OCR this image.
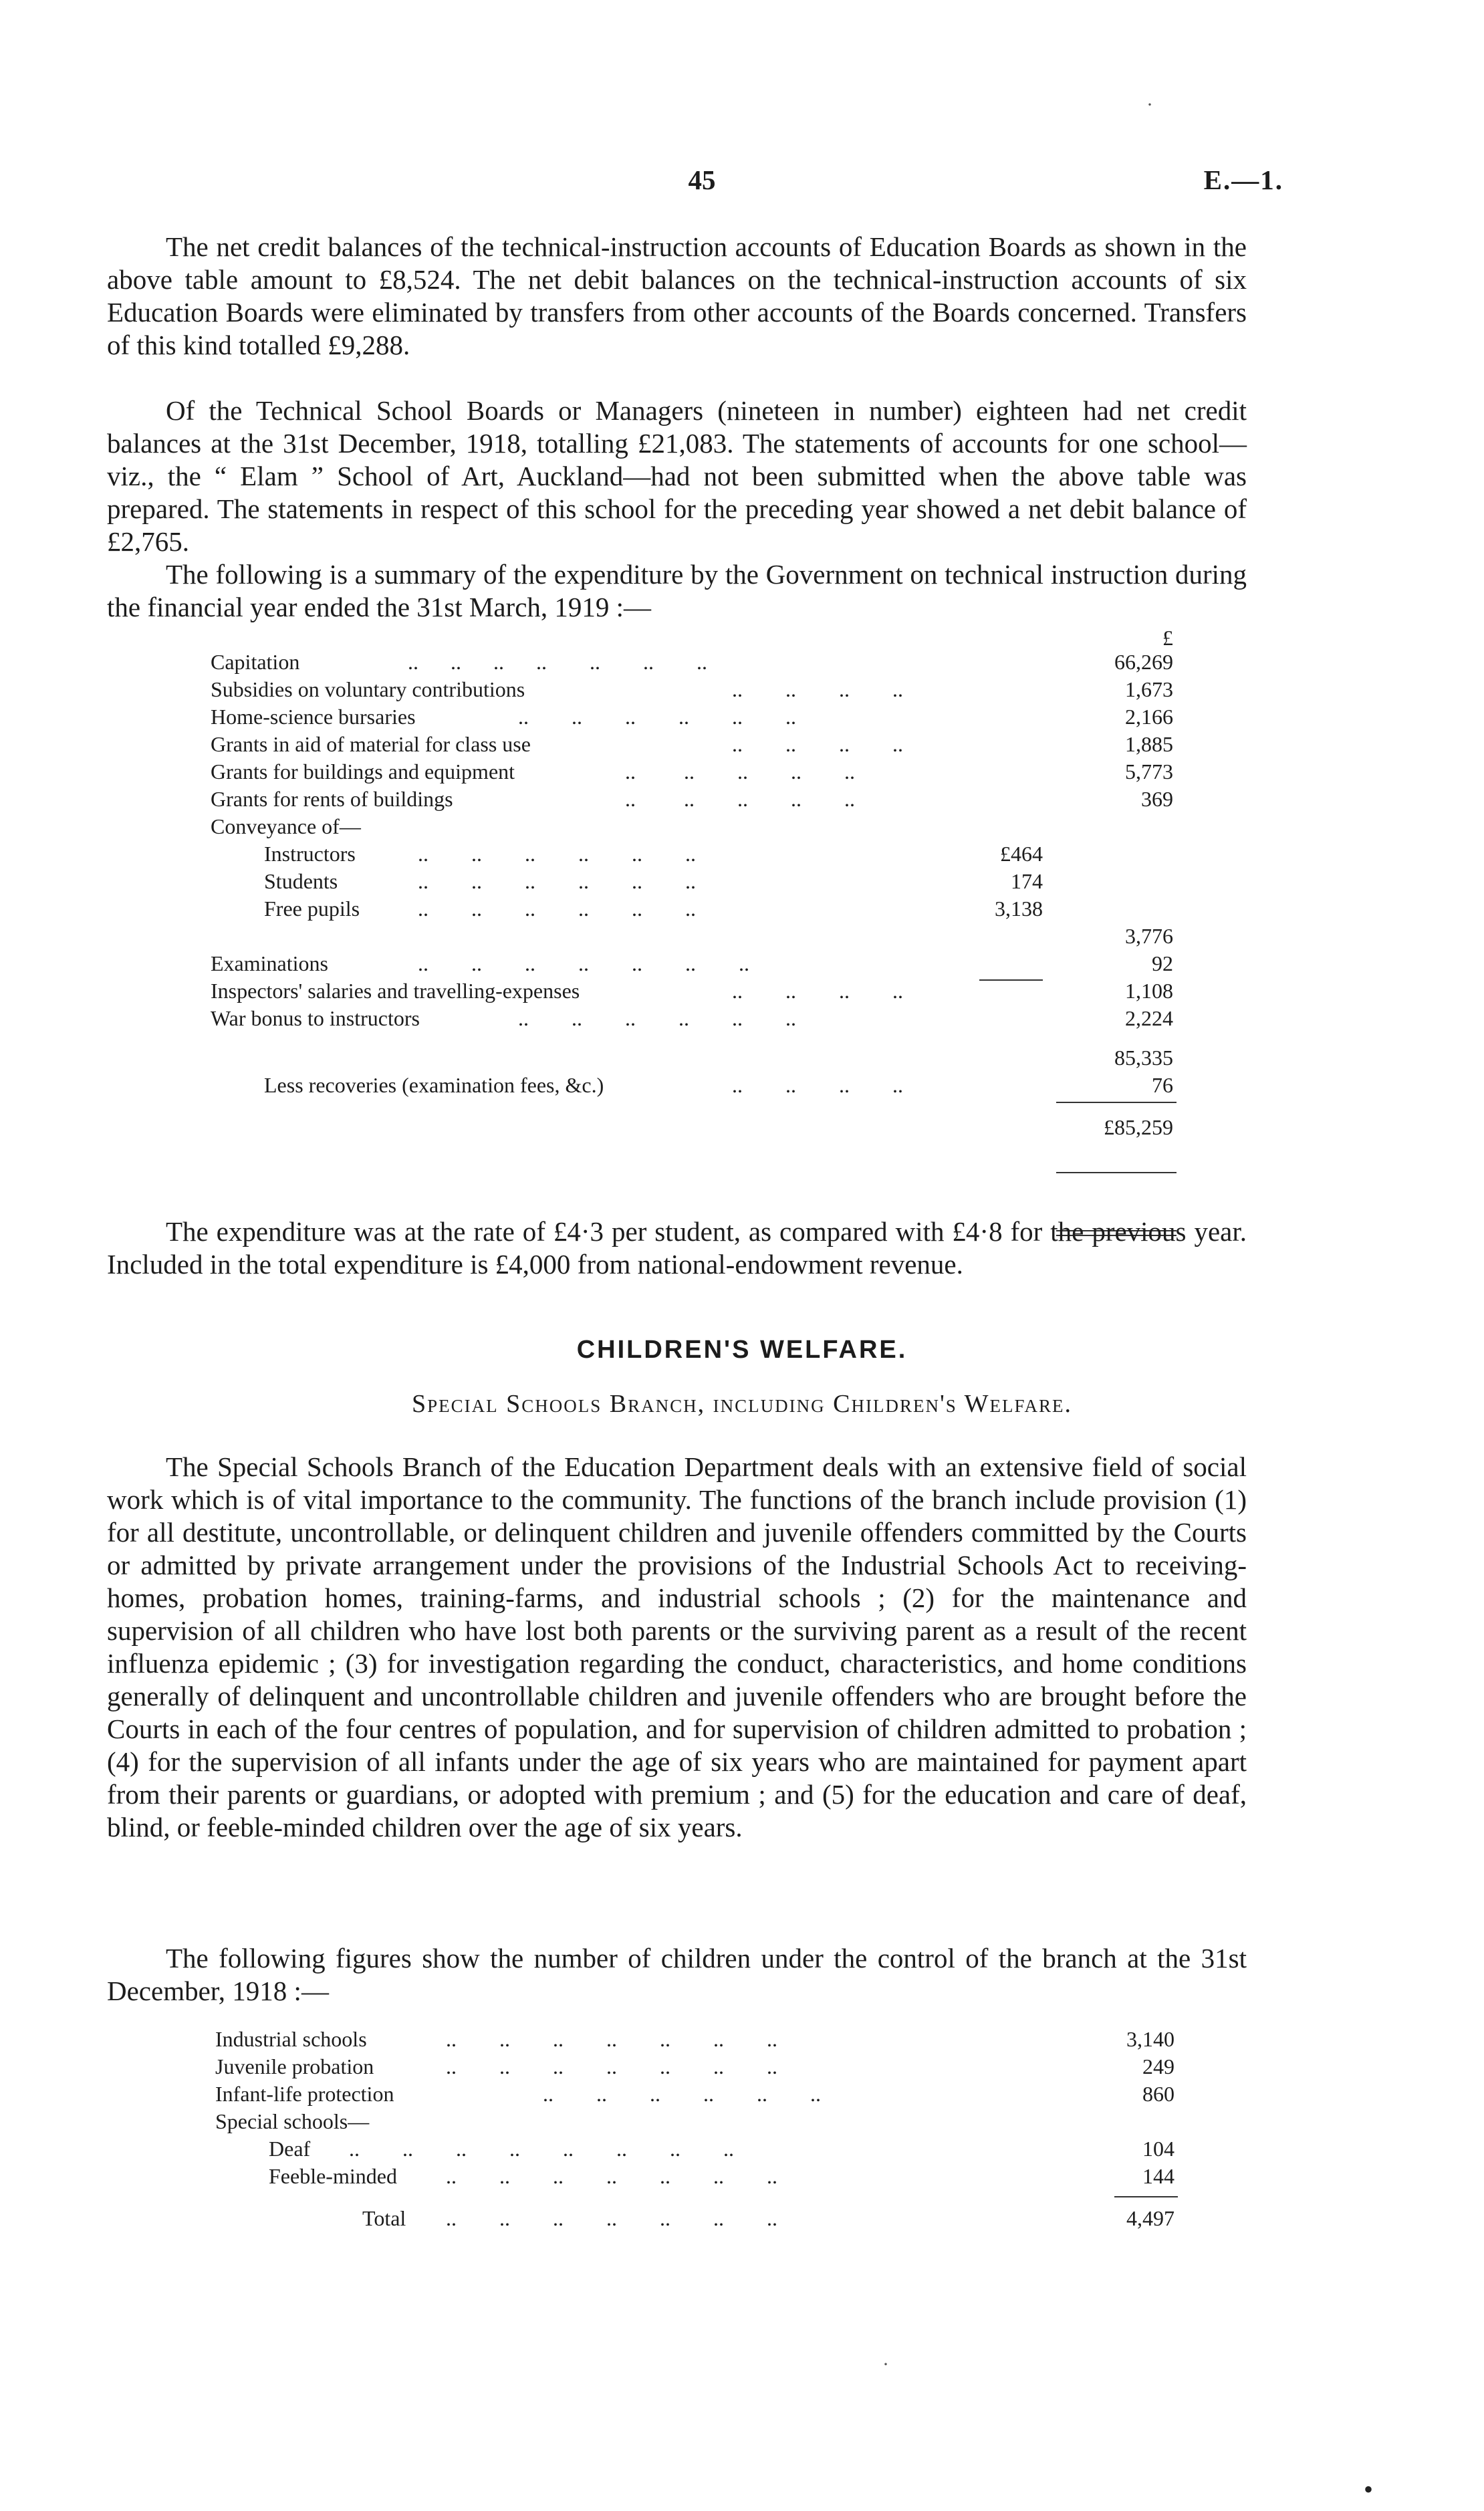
45	E.—1.
·

The net credit balances of the technical-instruction accounts of Education Boards as shown in the above table amount to £8,524. The net debit balances on the technical-instruction accounts of six Education Boards were eliminated by transfers from other accounts of the Boards concerned. Transfers of this kind totalled £9,288.

Of the Technical School Boards or Managers (nineteen in number) eighteen had net credit balances at the 31st December, 1918, totalling £21,083. The statements of accounts for one school—viz., the “ Elam ” School of Art, Auckland—had not been submitted when the above table was prepared. The statements in respect of this school for the preceding year showed a net debit balance of £2,765.

The following is a summary of the expenditure by the Government on technical instruction during the financial year ended the 31st March, 1919 :—

£
Capitation	..      ..      ..      ..        ..        ..        ..	66,269
Subsidies on voluntary contributions	..        ..        ..        ..	1,673
Home-science bursaries	..        ..        ..        ..        ..        ..	2,166
Grants in aid of material for class use	..        ..        ..        ..	1,885
Grants for buildings and equipment	..         ..        ..        ..        ..	5,773
Grants for rents of buildings	..         ..        ..        ..        ..	369
Conveyance of—
Instructors	..        ..        ..        ..        ..        ..	£464
Students	..        ..        ..        ..        ..        ..	174
Free pupils	..        ..        ..        ..        ..        ..	3,138
3,776
Examinations	..        ..        ..        ..        ..        ..        ..	92
Inspectors' salaries and travelling-expenses	..        ..        ..        ..	1,108
War bonus to instructors	..        ..        ..        ..        ..        ..	2,224
85,335
Less recoveries (examination fees, &c.)	..        ..        ..        ..	76
£85,259

The expenditure was at the rate of £4·3 per student, as compared with £4·8 for the previous year. Included in the total expenditure is £4,000 from national-endowment revenue.

CHILDREN'S WELFARE.
Special Schools Branch, including Children's Welfare.

The Special Schools Branch of the Education Department deals with an extensive field of social work which is of vital importance to the community. The functions of the branch include provision (1) for all destitute, uncontrollable, or delinquent children and juvenile offenders committed by the Courts or admitted by private arrangement under the provisions of the Industrial Schools Act to receiving-homes, probation homes, training-farms, and industrial schools ; (2) for the maintenance and supervision of all children who have lost both parents or the surviving parent as a result of the recent influenza epidemic ; (3) for investigation regarding the conduct, characteristics, and home conditions generally of delinquent and uncontrollable children and juvenile offenders who are brought before the Courts in each of the four centres of population, and for supervision of children admitted to probation ; (4) for the supervision of all infants under the age of six years who are maintained for payment apart from their parents or guardians, or adopted with premium ; and (5) for the education and care of deaf, blind, or feeble-minded children over the age of six years.

The following figures show the number of children under the control of the branch at the 31st December, 1918 :—

Industrial schools	..        ..        ..        ..        ..        ..        ..	3,140
Juvenile probation	..        ..        ..        ..        ..        ..        ..	249
Infant-life protection	..        ..        ..        ..        ..        ..	860
Special schools—
Deaf ..        ..        ..        ..        ..        ..        ..        ..	104
Feeble-minded ..        ..        ..        ..        ..        ..        ..	144
Total ..        ..        ..        ..        ..        ..        ..	4,497
·
•
